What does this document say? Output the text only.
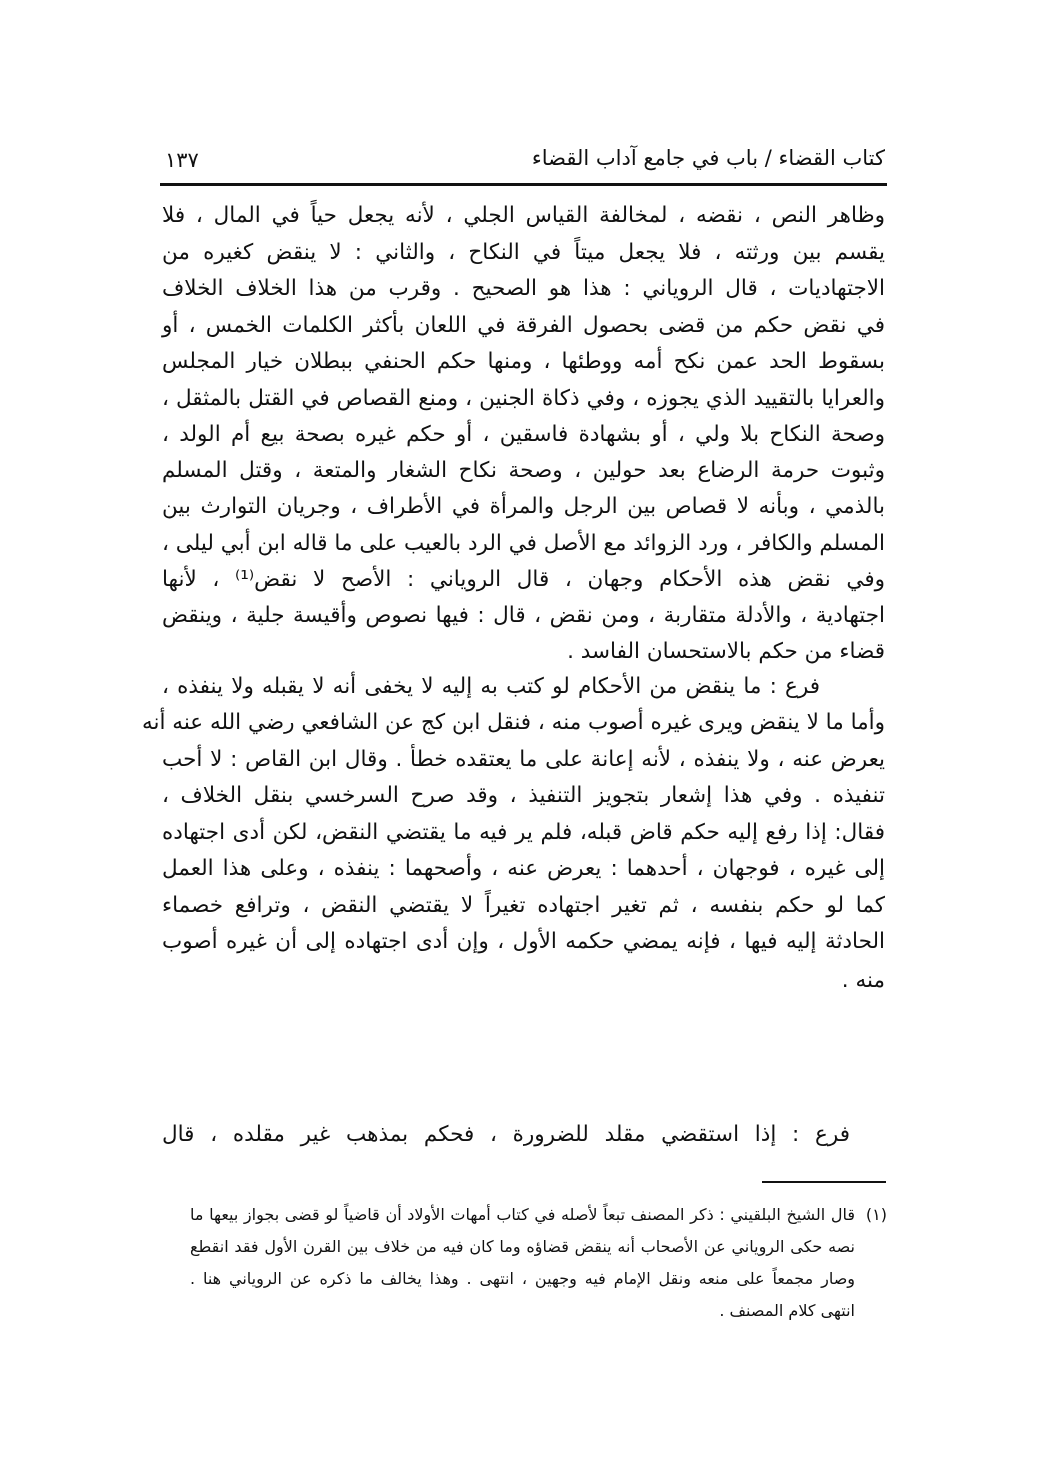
كتاب القضاء / باب في جامع آداب القضاء
١٣٧
وظاهر النص ، نقضه ، لمخالفة القياس الجلي ، لأنه يجعل حياً في المال ، فلا
يقسم بين ورثته ، فلا يجعل ميتاً في النكاح ، والثاني : لا ينقض كغيره من
الاجتهاديات ، قال الروياني : هذا هو الصحيح . وقرب من هذا الخلاف الخلاف
في نقض حكم من قضى بحصول الفرقة في اللعان بأكثر الكلمات الخمس ، أو
بسقوط الحد عمن نكح أمه ووطئها ، ومنها حكم الحنفي ببطلان خيار المجلس
والعرايا بالتقييد الذي يجوزه ، وفي ذكاة الجنين ، ومنع القصاص في القتل بالمثقل ،
وصحة النكاح بلا ولي ، أو بشهادة فاسقين ، أو حكم غيره بصحة بيع أم الولد ،
وثبوت حرمة الرضاع بعد حولين ، وصحة نكاح الشغار والمتعة ، وقتل المسلم
بالذمي ، وبأنه لا قصاص بين الرجل والمرأة في الأطراف ، وجريان التوارث بين
المسلم والكافر ، ورد الزوائد مع الأصل في الرد بالعيب على ما قاله ابن أبي ليلى ،
وفي نقض هذه الأحكام وجهان ، قال الروياني : الأصح لا نقض⁽¹⁾ ، لأنها
اجتهادية ، والأدلة متقاربة ، ومن نقض ، قال : فيها نصوص وأقيسة جلية ، وينقض
قضاء من حكم بالاستحسان الفاسد .
فرع : ما ينقض من الأحكام لو كتب به إليه لا يخفى أنه لا يقبله ولا ينفذه ،
وأما ما لا ينقض ويرى غيره أصوب منه ، فنقل ابن كج عن الشافعي رضي الله عنه أنه
يعرض عنه ، ولا ينفذه ، لأنه إعانة على ما يعتقده خطأ . وقال ابن القاص : لا أحب
تنفيذه . وفي هذا إشعار بتجويز التنفيذ ، وقد صرح السرخسي بنقل الخلاف ،
فقال: إذا رفع إليه حكم قاض قبله، فلم ير فيه ما يقتضي النقض، لكن أدى اجتهاده
إلى غيره ، فوجهان ، أحدهما : يعرض عنه ، وأصحهما : ينفذه ، وعلى هذا العمل
كما لو حكم بنفسه ، ثم تغير اجتهاده تغيراً لا يقتضي النقض ، وترافع خصماء
الحادثة إليه فيها ، فإنه يمضي حكمه الأول ، وإن أدى اجتهاده إلى أن غيره أصوب
منه .
فرع : إذا استقضي مقلد للضرورة ، فحكم بمذهب غير مقلده ، قال
(١)
قال الشيخ البلقيني : ذكر المصنف تبعاً لأصله في كتاب أمهات الأولاد أن قاضياً لو قضى بجواز بيعها ما
نصه حكى الروياني عن الأصحاب أنه ينقض قضاؤه وما كان فيه من خلاف بين القرن الأول فقد انقطع
وصار مجمعاً على منعه ونقل الإمام فيه وجهين ، انتهى . وهذا يخالف ما ذكره عن الروياني هنا .
انتهى كلام المصنف .
